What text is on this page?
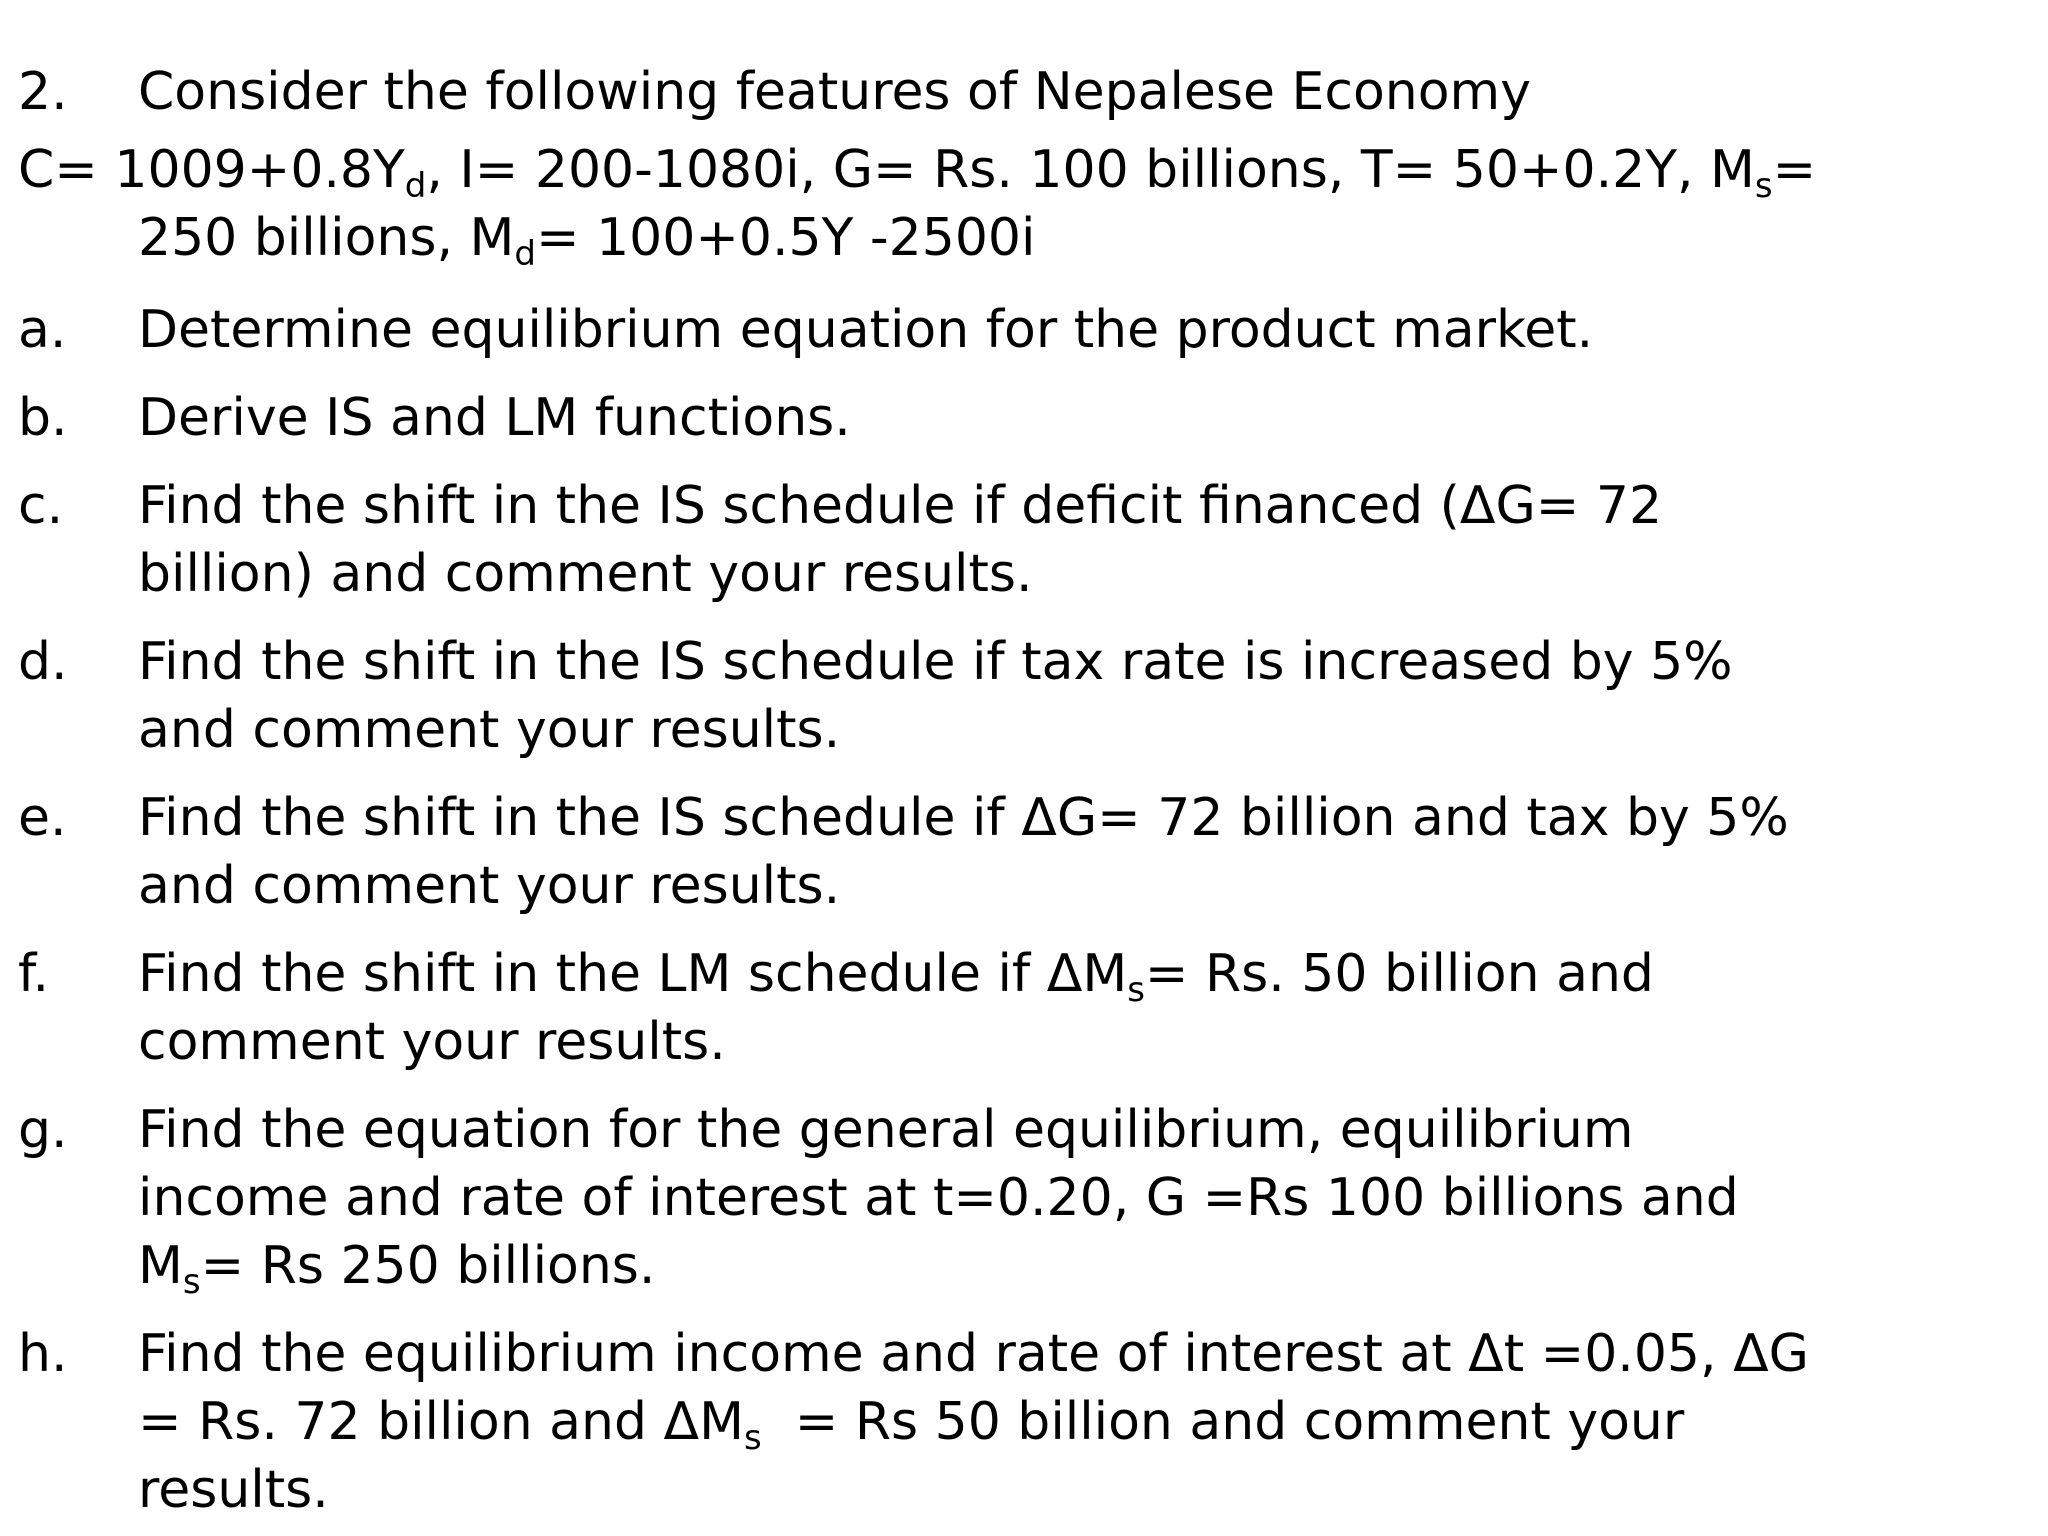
2. Consider the following features of Nepalese Economy
$C= 1009+0.8Y_d$, I= 200-1080i, G= Rs. 100 billions, T= 50+0.2Y, $M_s=$
250 billions, $M_d= 100+0.5Y$ -2500i
a. Determine equilibrium equation for the product market.
b. Derive IS and LM functions.
c. Find the shift in the IS schedule if deficit financed (ΔG= 72
billion) and comment your results.
d. Find the shift in the IS schedule if tax rate is increased by 5%
and comment your results.
e. Find the shift in the IS schedule if ΔG= 72 billion and tax by 5%
and comment your results.
f. Find the shift in the LM schedule if $\Delta M_s= Rs$. 50 billion and
comment your results.
g. Find the equation for the general equilibrium, equilibrium
income and rate of interest at t=0.20, G =Rs 100 billions and
$M_s= Rs$ 250 billions.
h. Find the equilibrium income and rate of interest at Δt =0.05, ΔG
= Rs. 72 billion and $\Delta M_s = Rs$ 50 billion and comment your
results.
